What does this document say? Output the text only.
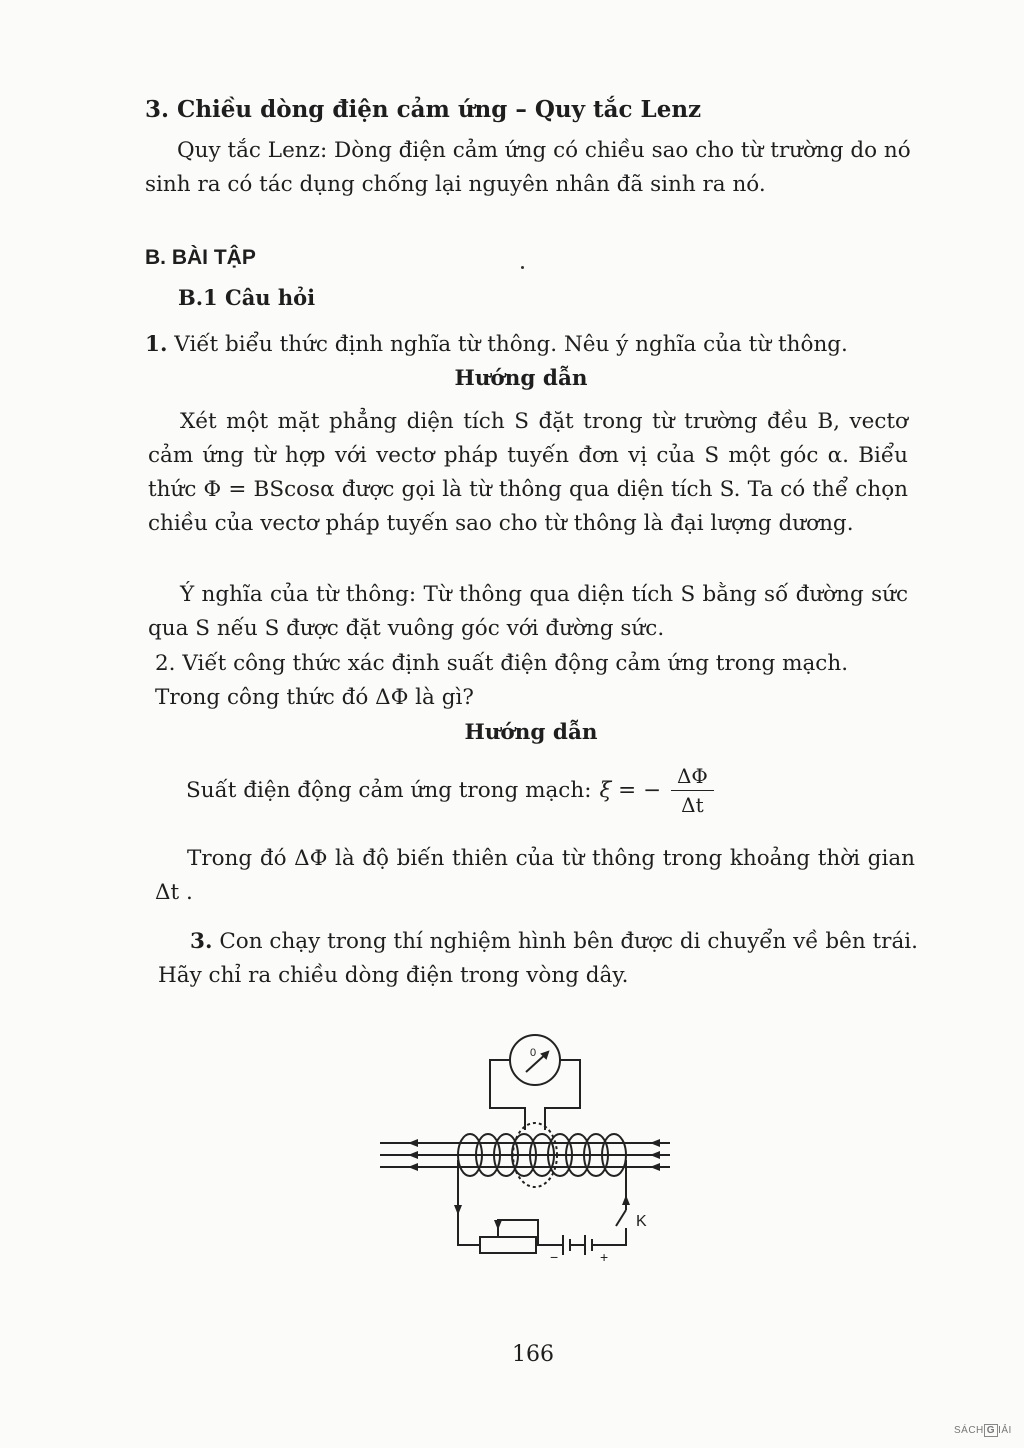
3. Chiều dòng điện cảm ứng – Quy tắc Lenz
Quy tắc Lenz: Dòng điện cảm ứng có chiều sao cho từ trường do nó sinh ra có tác dụng chống lại nguyên nhân đã sinh ra nó.
B. BÀI TẬP
B.1 Câu hỏi
1. Viết biểu thức định nghĩa từ thông. Nêu ý nghĩa của từ thông.
Hướng dẫn
Xét một mặt phẳng diện tích S đặt trong từ trường đều B, vectơ cảm ứng từ hợp với vectơ pháp tuyến đơn vị của S một góc α. Biểu thức Φ = BScosα được gọi là từ thông qua diện tích S. Ta có thể chọn chiều của vectơ pháp tuyến sao cho từ thông là đại lượng dương.
Ý nghĩa của từ thông: Từ thông qua diện tích S bằng số đường sức qua S nếu S được đặt vuông góc với đường sức.
2. Viết công thức xác định suất điện động cảm ứng trong mạch. Trong công thức đó ΔΦ là gì?
Hướng dẫn
Suất điện động cảm ứng trong mạch: ξ = − $\frac{\Delta\Phi}{\Delta t}$
Trong đó ΔΦ là độ biến thiên của từ thông trong khoảng thời gian Δt .
3. Con chạy trong thí nghiệm hình bên được di chuyển về bên trái. Hãy chỉ ra chiều dòng điện trong vòng dây.
0
K
−	+
166
SÁCH G IẢI
